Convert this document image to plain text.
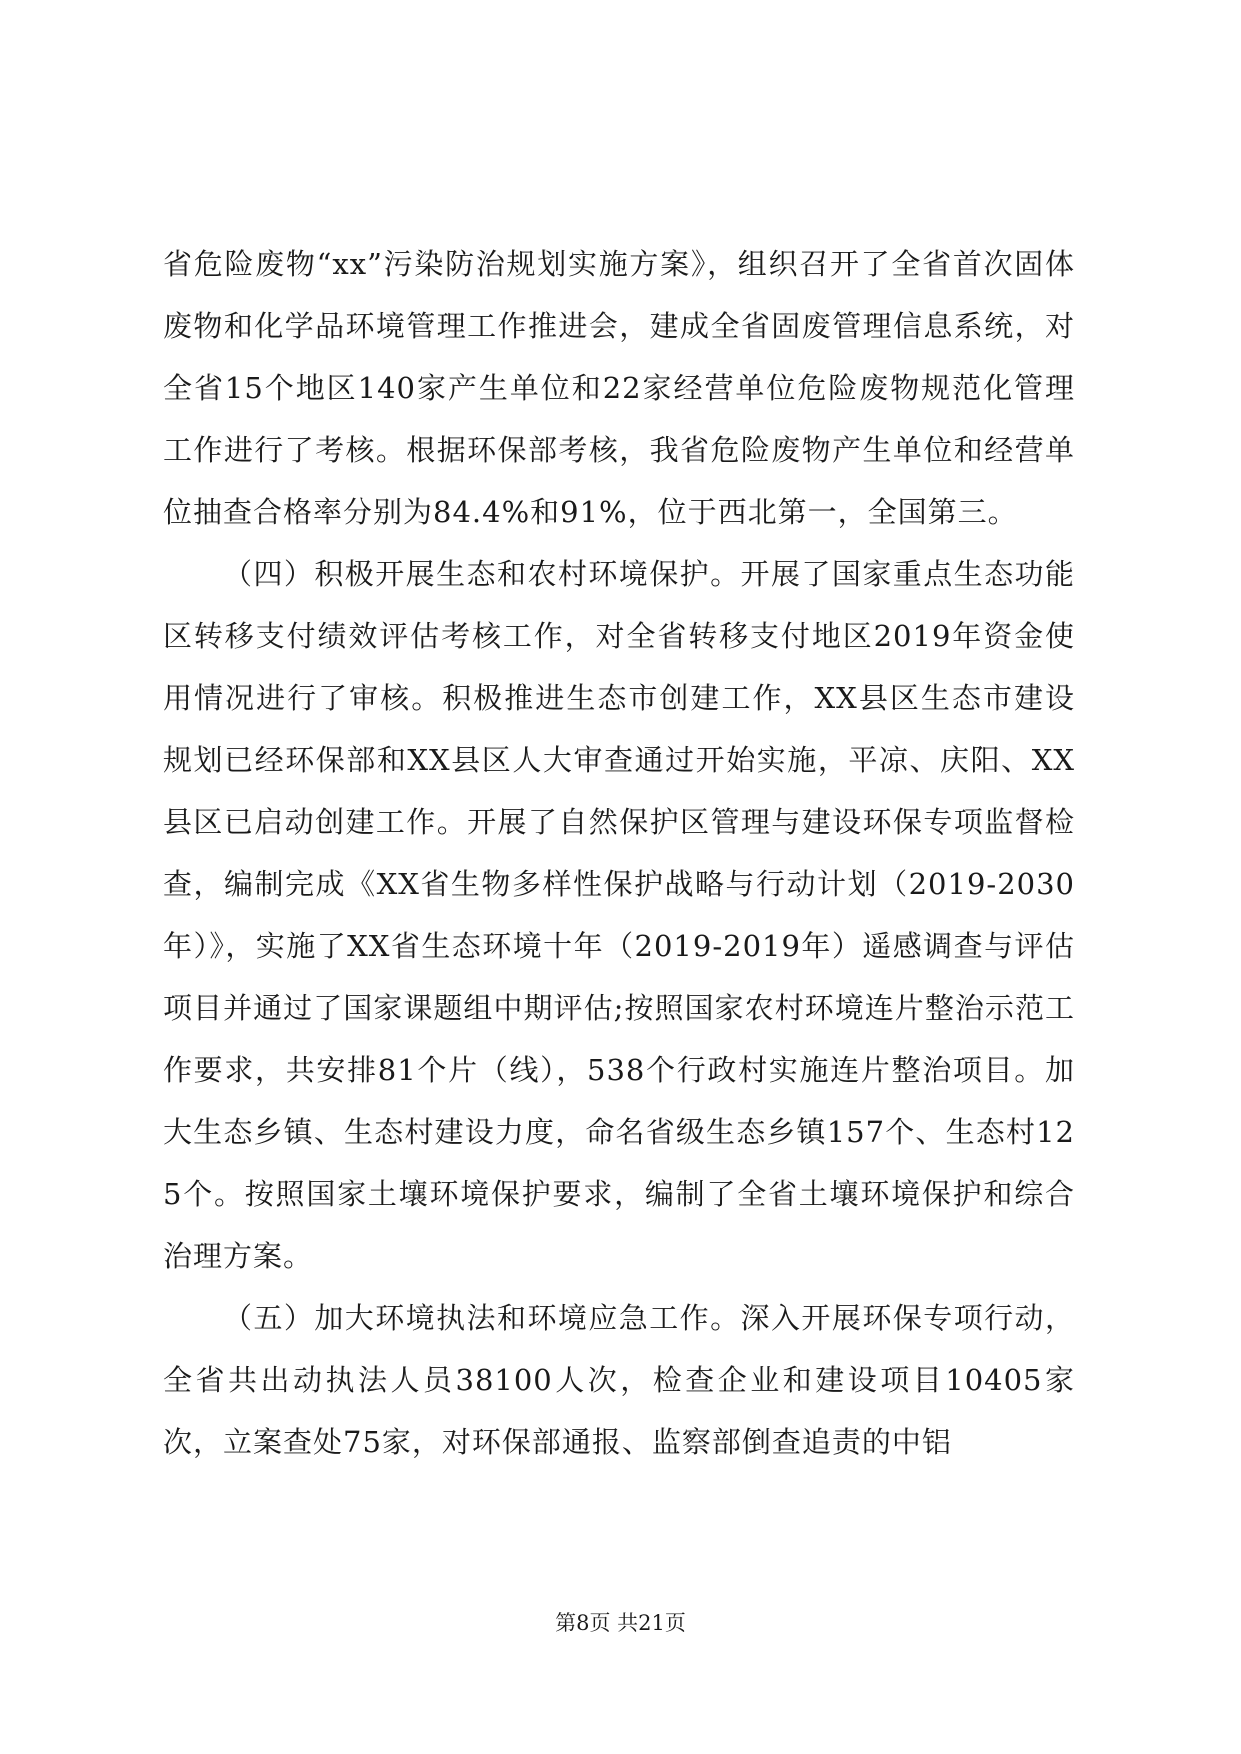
省危险废物“xx”污染防治规划实施方案》，组织召开了全省首次固体废物和化学品环境管理工作推进会，建成全省固废管理信息系统，对全省15个地区140家产生单位和22家经营单位危险废物规范化管理工作进行了考核。根据环保部考核，我省危险废物产生单位和经营单位抽查合格率分别为84.4%和91%，位于西北第一，全国第三。

（四）积极开展生态和农村环境保护。开展了国家重点生态功能区转移支付绩效评估考核工作，对全省转移支付地区2019年资金使用情况进行了审核。积极推进生态市创建工作，XX县区生态市建设规划已经环保部和XX县区人大审查通过开始实施，平凉、庆阳、XX县区已启动创建工作。开展了自然保护区管理与建设环保专项监督检查，编制完成《XX省生物多样性保护战略与行动计划（2019-2030年）》，实施了XX省生态环境十年（2019-2019年）遥感调查与评估项目并通过了国家课题组中期评估;按照国家农村环境连片整治示范工作要求，共安排81个片（线），538个行政村实施连片整治项目。加大生态乡镇、生态村建设力度，命名省级生态乡镇157个、生态村125个。按照国家土壤环境保护要求，编制了全省土壤环境保护和综合治理方案。

（五）加大环境执法和环境应急工作。深入开展环保专项行动，全省共出动执法人员38100人次，检查企业和建设项目10405家次，立案查处75家，对环保部通报、监察部倒查追责的中铝

第8页 共21页
